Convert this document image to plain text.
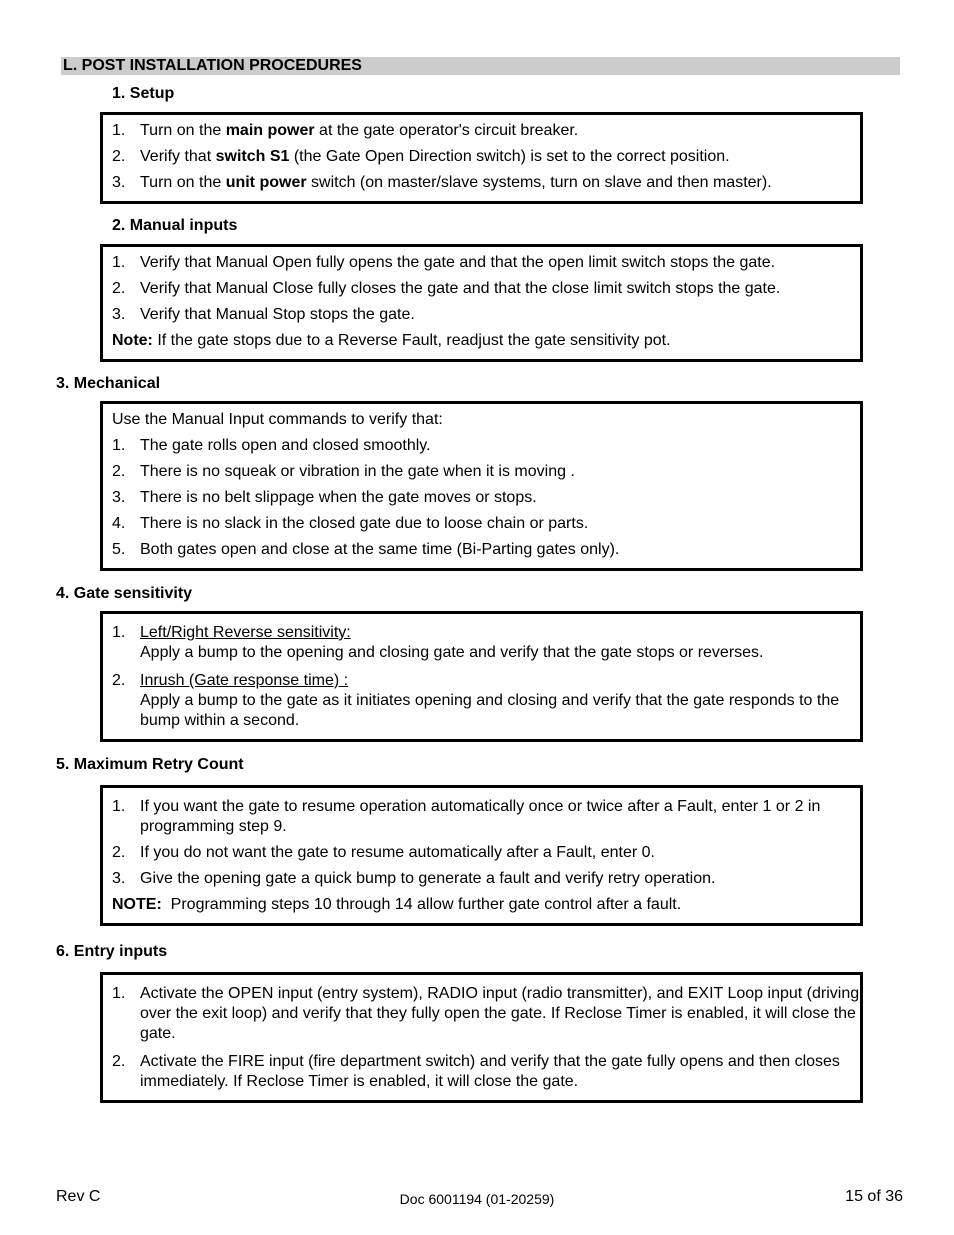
L. POST INSTALLATION PROCEDURES
1. Setup
1. Turn on the main power at the gate operator's circuit breaker.
2. Verify that switch S1 (the Gate Open Direction switch) is set to the correct position.
3. Turn on the unit power switch (on master/slave systems, turn on slave and then master).
2. Manual inputs
1. Verify that Manual Open fully opens the gate and that the open limit switch stops the gate.
2. Verify that Manual Close fully closes the gate and that the close limit switch stops the gate.
3. Verify that Manual Stop stops the gate.
Note: If the gate stops due to a Reverse Fault, readjust the gate sensitivity pot.
3. Mechanical
Use the Manual Input commands to verify that:
1. The gate rolls open and closed smoothly.
2. There is no squeak or vibration in the gate when it is moving .
3. There is no belt slippage when the gate moves or stops.
4. There is no slack in the closed gate due to loose chain or parts.
5. Both gates open and close at the same time (Bi-Parting gates only).
4. Gate sensitivity
1. Left/Right Reverse sensitivity:
Apply a bump to the opening and closing gate and verify that the gate stops or reverses.
2. Inrush (Gate response time) :
Apply a bump to the gate as it initiates opening and closing and verify that the gate responds to the bump within a second.
5. Maximum Retry Count
1. If you want the gate to resume operation automatically once or twice after a Fault, enter 1 or 2 in programming step 9.
2. If you do not want the gate to resume automatically after a Fault, enter 0.
3. Give the opening gate a quick bump to generate a fault and verify retry operation.
NOTE:  Programming steps 10 through 14 allow further gate control after a fault.
6. Entry inputs
1. Activate the OPEN input (entry system), RADIO input (radio transmitter), and EXIT Loop input (driving over the exit loop) and verify that they fully open the gate. If Reclose Timer is enabled, it will close the gate.
2. Activate the FIRE input (fire department switch) and verify that the gate fully opens and then closes immediately. If Reclose Timer is enabled, it will close the gate.
Rev C	Doc 6001194 (01-20259)	15 of 36
